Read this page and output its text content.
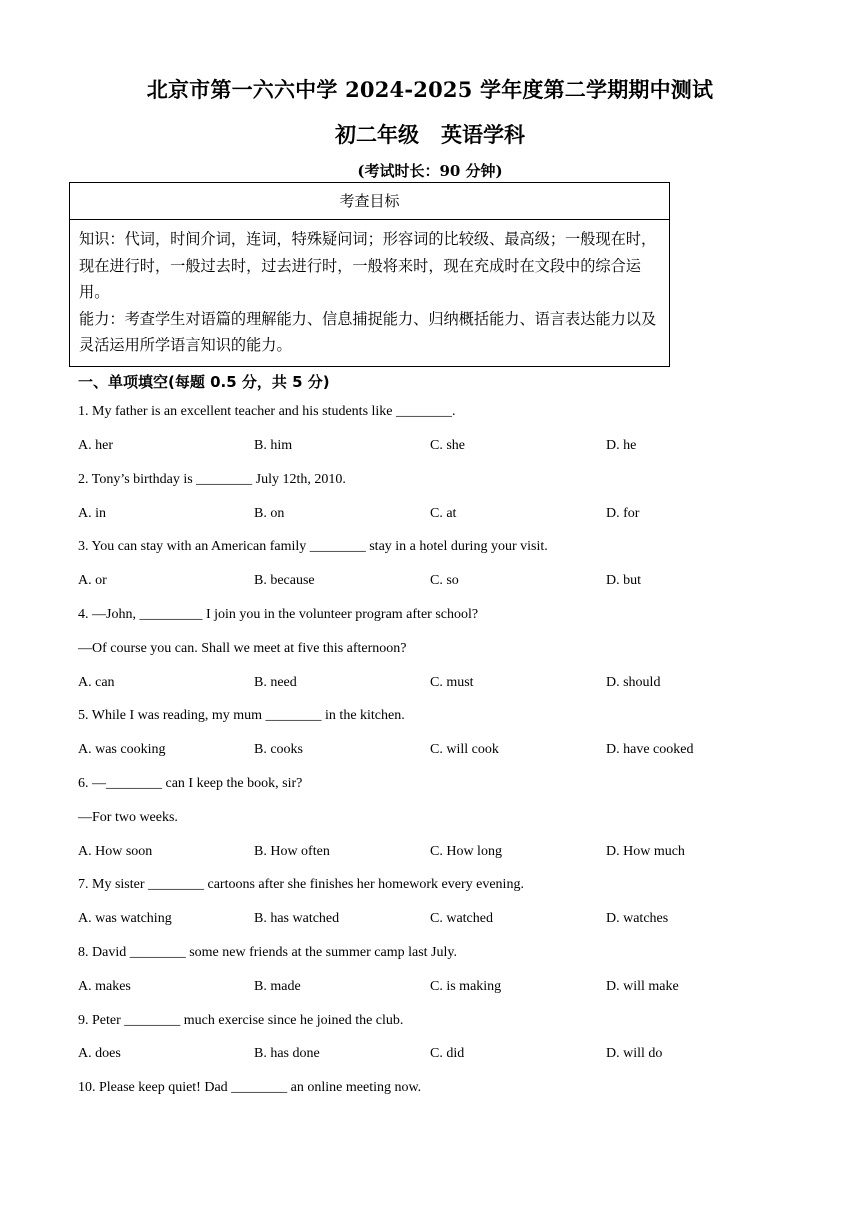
北京市第一六六中学 2024-2025 学年度第二学期期中测试
初二年级 英语学科
(考试时长：90 分钟)
考查目标

知识：代词，时间介词，连词，特殊疑问词；形容词的比较级、最高级；一般现在时，现在进行时，一般过去时，过去进行时，一般将来时，现在充成时在文段中的综合运用。

能力：考查学生对语篇的理解能力、信息捕捉能力、归纳概括能力、语言表达能力以及灵活运用所学语言知识的能力。

一、单项填空(每题 0.5 分，共 5 分)
1. My father is an excellent teacher and his students like ________.
A. her	B. him	C. she	D. he
2. Tony’s birthday is ________ July 12th, 2010.
A. in	B. on	C. at	D. for
3. You can stay with an American family ________ stay in a hotel during your visit.
A. or	B. because	C. so	D. but
4. —John, _________ I join you in the volunteer program after school?
—Of course you can. Shall we meet at five this afternoon?
A. can	B. need	C. must	D. should
5. While I was reading, my mum ________ in the kitchen.
A. was cooking	B. cooks	C. will cook	D. have cooked
6. —________ can I keep the book, sir?
—For two weeks.
A. How soon	B. How often	C. How long	D. How much
7. My sister ________ cartoons after she finishes her homework every evening.
A. was watching	B. has watched	C. watched	D. watches
8. David ________ some new friends at the summer camp last July.
A. makes	B. made	C. is making	D. will make
9. Peter ________ much exercise since he joined the club.
A. does	B. has done	C. did	D. will do
10. Please keep quiet! Dad ________ an online meeting now.
